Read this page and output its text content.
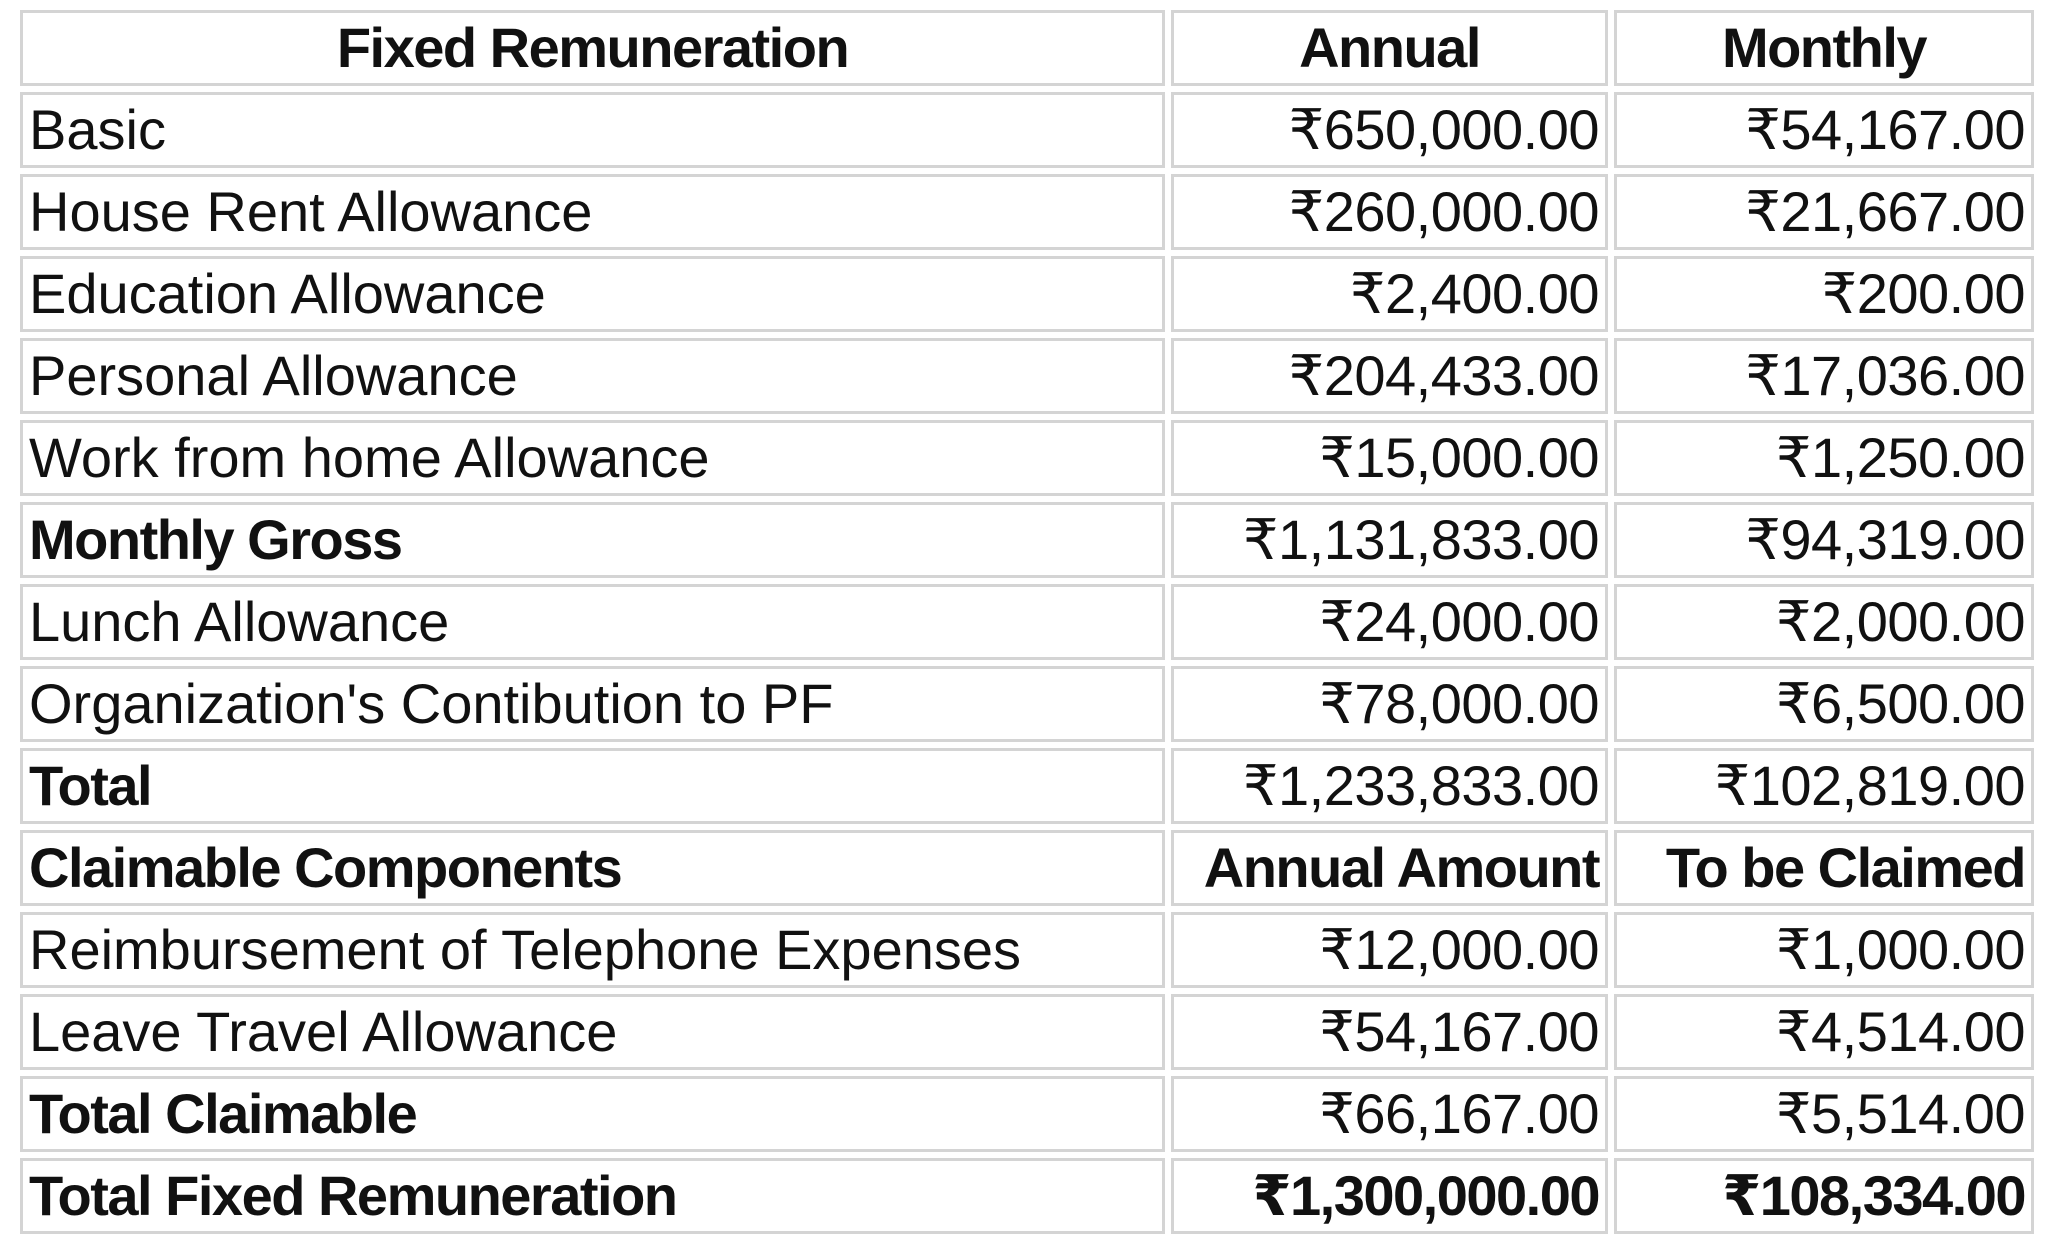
Fixed Remuneration	Annual	Monthly
Basic	₹650,000.00	₹54,167.00
House Rent Allowance	₹260,000.00	₹21,667.00
Education Allowance	₹2,400.00	₹200.00
Personal Allowance	₹204,433.00	₹17,036.00
Work from home Allowance	₹15,000.00	₹1,250.00
Monthly Gross	₹1,131,833.00	₹94,319.00
Lunch Allowance	₹24,000.00	₹2,000.00
Organization's Contibution to PF	₹78,000.00	₹6,500.00
Total	₹1,233,833.00	₹102,819.00
Claimable Components	Annual Amount	To be Claimed
Reimbursement of Telephone Expenses	₹12,000.00	₹1,000.00
Leave Travel Allowance	₹54,167.00	₹4,514.00
Total Claimable	₹66,167.00	₹5,514.00
Total Fixed Remuneration	₹1,300,000.00	₹108,334.00
